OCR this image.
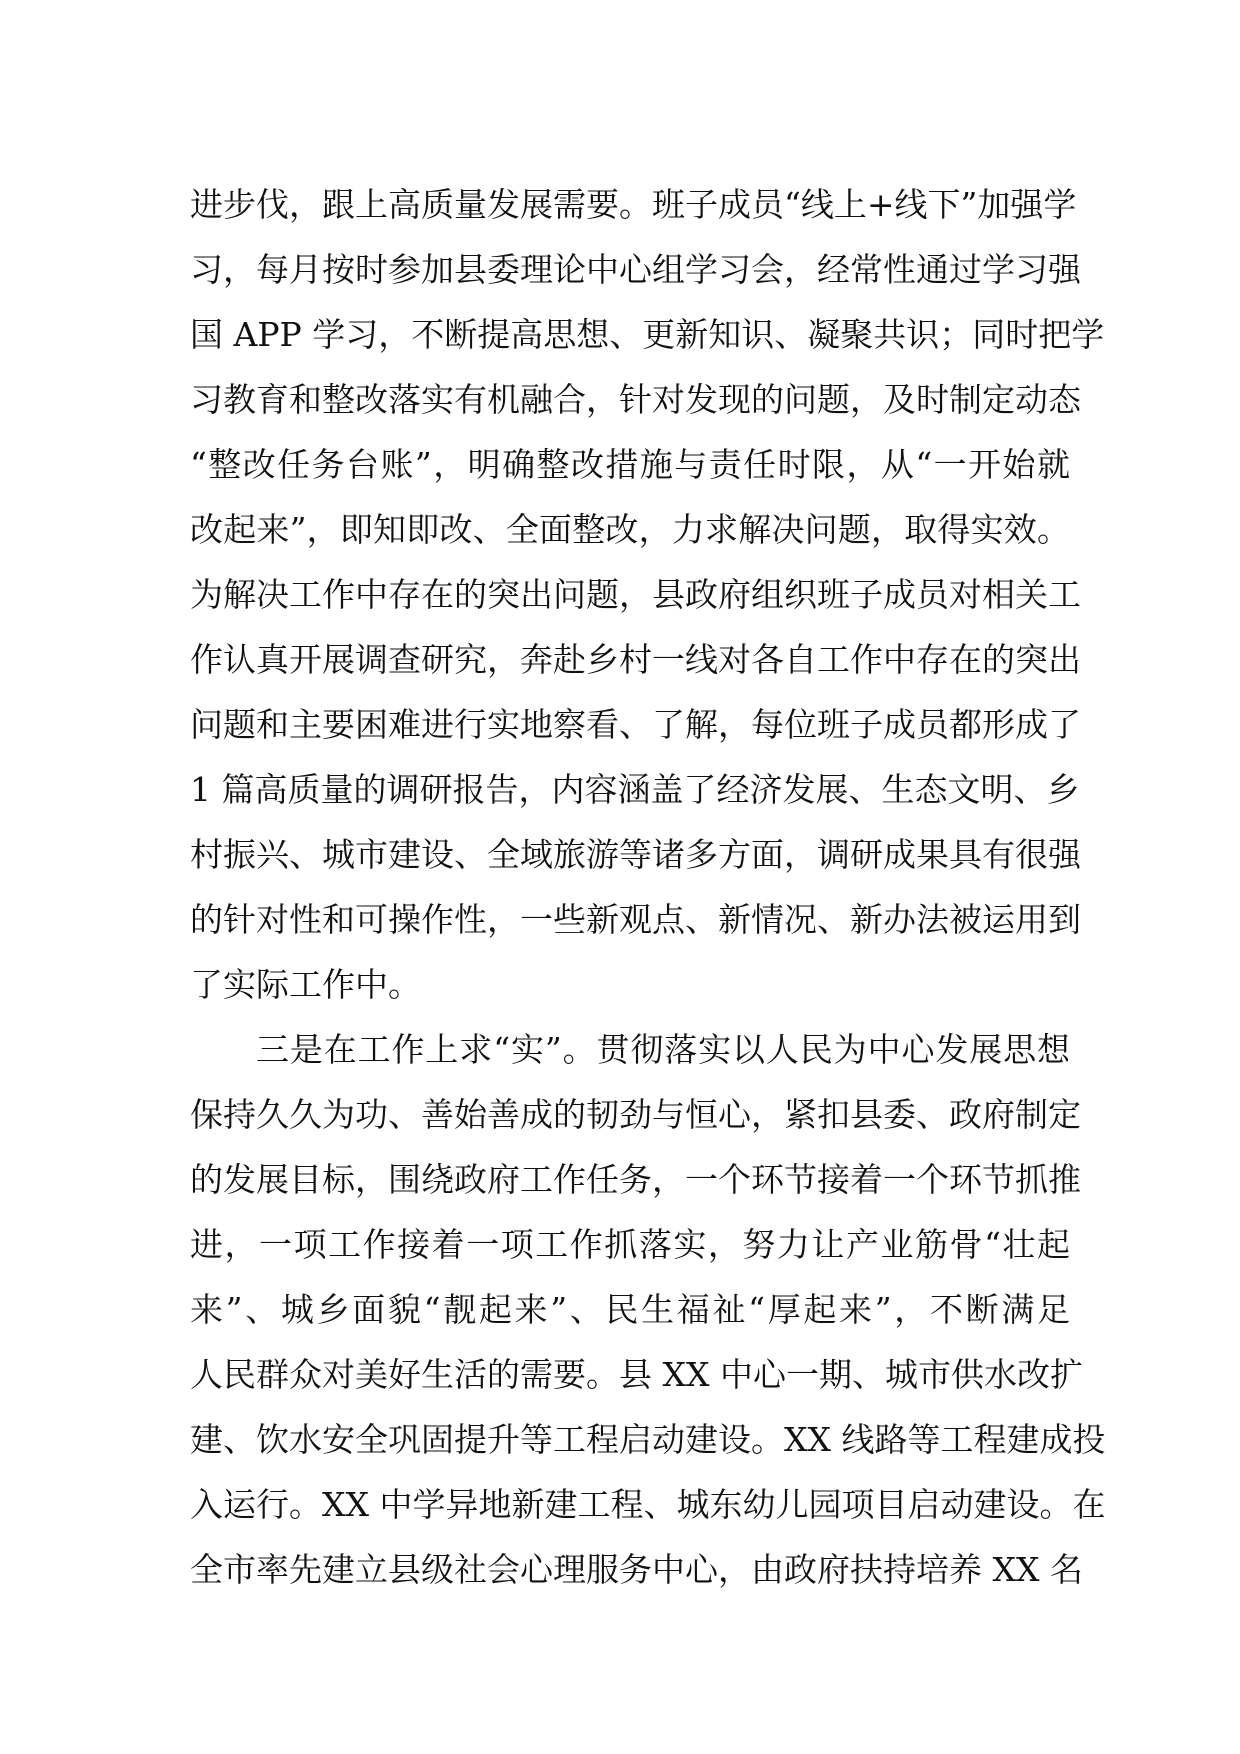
进步伐，跟上高质量发展需要。班子成员“线上+线下”加强学
习，每月按时参加县委理论中心组学习会，经常性通过学习强
国 APP 学习，不断提高思想、更新知识、凝聚共识；同时把学
习教育和整改落实有机融合，针对发现的问题，及时制定动态
“整改任务台账”，明确整改措施与责任时限，从“一开始就
改起来”，即知即改、全面整改，力求解决问题，取得实效。
为解决工作中存在的突出问题，县政府组织班子成员对相关工
作认真开展调查研究，奔赴乡村一线对各自工作中存在的突出
问题和主要困难进行实地察看、了解，每位班子成员都形成了
1 篇高质量的调研报告，内容涵盖了经济发展、生态文明、乡
村振兴、城市建设、全域旅游等诸多方面，调研成果具有很强
的针对性和可操作性，一些新观点、新情况、新办法被运用到
了实际工作中。
三是在工作上求“实”。贯彻落实以人民为中心发展思想
保持久久为功、善始善成的韧劲与恒心，紧扣县委、政府制定
的发展目标，围绕政府工作任务，一个环节接着一个环节抓推
进，一项工作接着一项工作抓落实，努力让产业筋骨“壮起
来”、城乡面貌“靓起来”、民生福祉“厚起来”，不断满足
人民群众对美好生活的需要。县 XX 中心一期、城市供水改扩
建、饮水安全巩固提升等工程启动建设。XX 线路等工程建成投
入运行。XX 中学异地新建工程、城东幼儿园项目启动建设。在
全市率先建立县级社会心理服务中心，由政府扶持培养 XX 名
